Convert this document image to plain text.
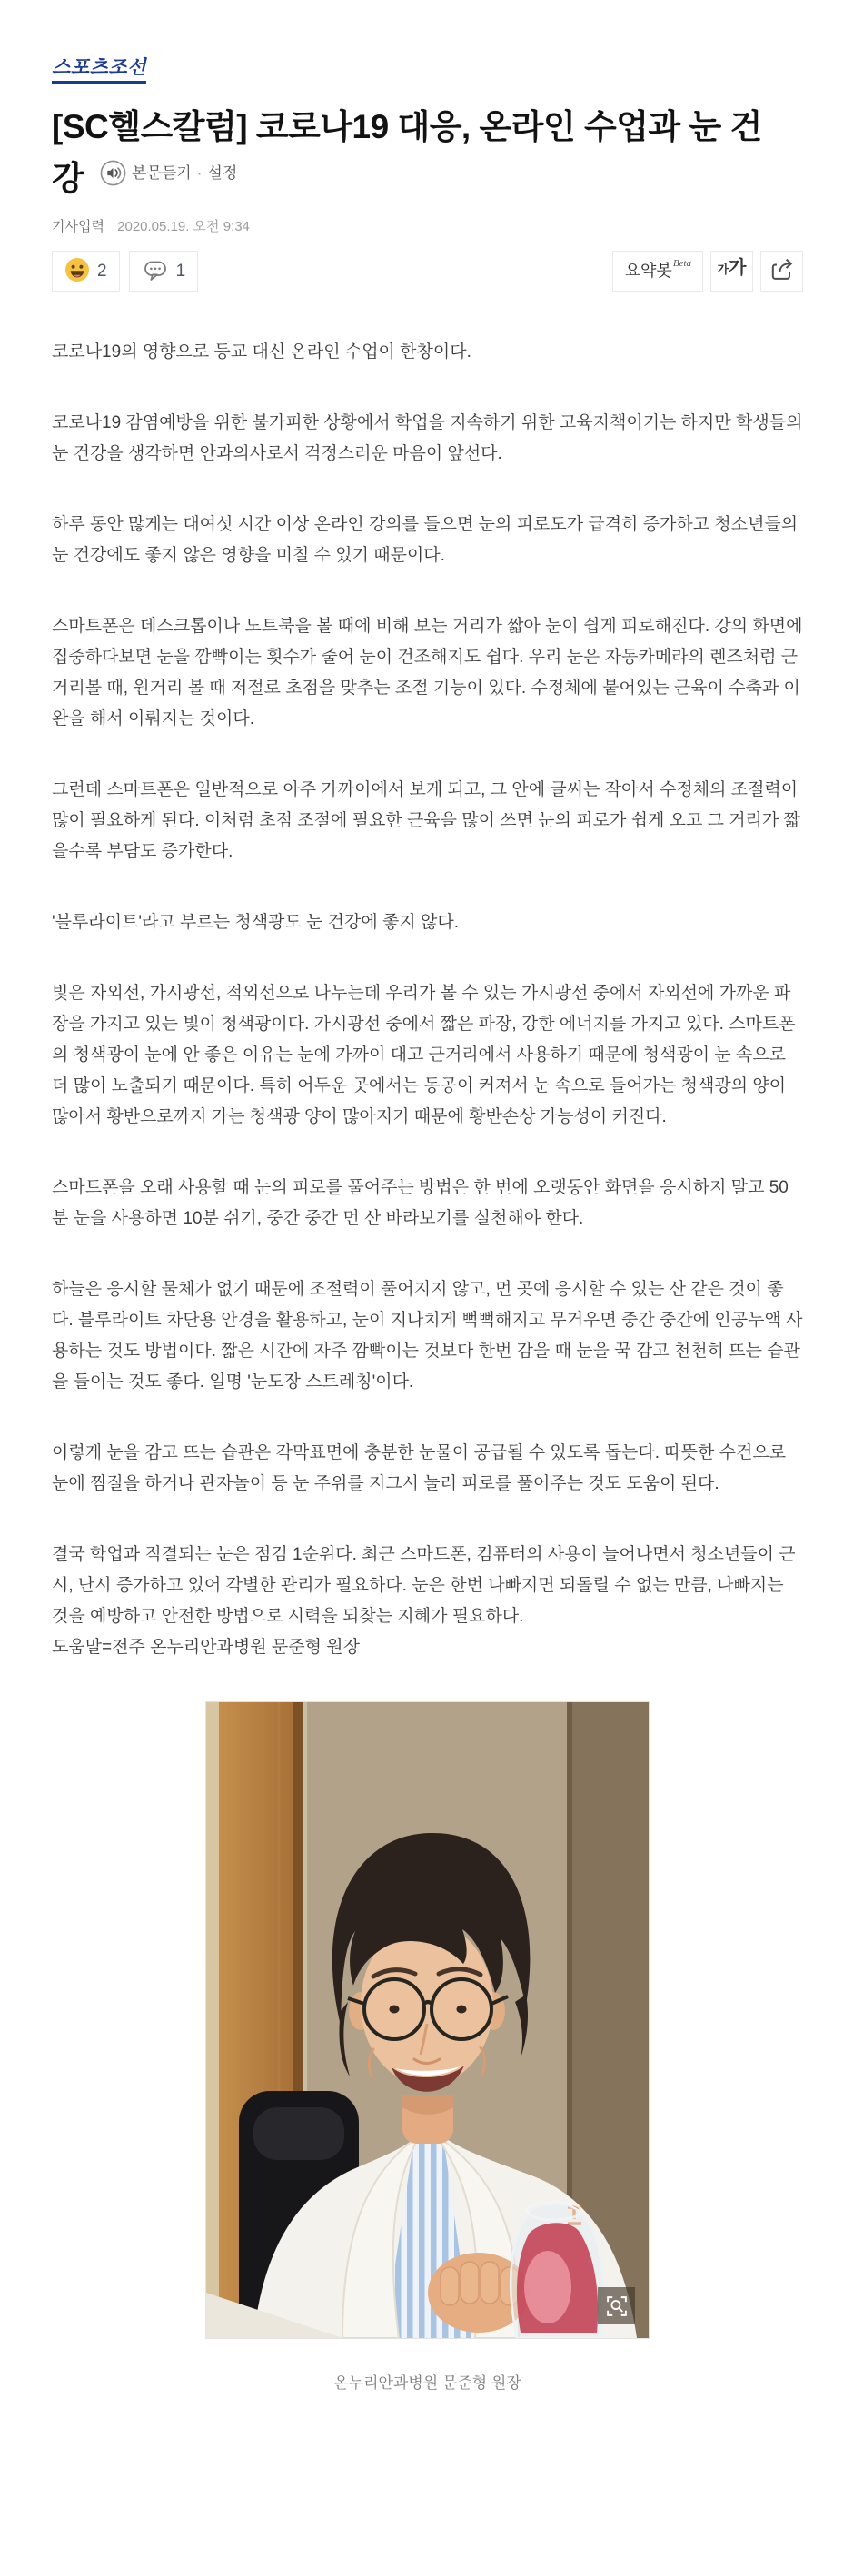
스포츠조선
[SC헬스칼럼] 코로나19 대응, 온라인 수업과 눈 건강	본문듣기 · 설정
기사입력 2020.05.19. 오전 9:34
2	1	요약봇 Beta 가 가

코로나19의 영향으로 등교 대신 온라인 수업이 한창이다.

코로나19 감염예방을 위한 불가피한 상황에서 학업을 지속하기 위한 고육지책이기는 하지만 학생들의 눈 건강을 생각하면 안과의사로서 걱정스러운 마음이 앞선다.

하루 동안 많게는 대여섯 시간 이상 온라인 강의를 들으면 눈의 피로도가 급격히 증가하고 청소년들의 눈 건강에도 좋지 않은 영향을 미칠 수 있기 때문이다.

스마트폰은 데스크톱이나 노트북을 볼 때에 비해 보는 거리가 짧아 눈이 쉽게 피로해진다. 강의 화면에 집중하다보면 눈을 깜빡이는 횟수가 줄어 눈이 건조해지도 쉽다. 우리 눈은 자동카메라의 렌즈처럼 근거리볼 때, 원거리 볼 때 저절로 초점을 맞추는 조절 기능이 있다. 수정체에 붙어있는 근육이 수축과 이완을 해서 이뤄지는 것이다.

그런데 스마트폰은 일반적으로 아주 가까이에서 보게 되고, 그 안에 글씨는 작아서 수정체의 조절력이 많이 필요하게 된다. 이처럼 초점 조절에 필요한 근육을 많이 쓰면 눈의 피로가 쉽게 오고 그 거리가 짧을수록 부담도 증가한다.

'블루라이트'라고 부르는 청색광도 눈 건강에 좋지 않다.

빛은 자외선, 가시광선, 적외선으로 나누는데 우리가 볼 수 있는 가시광선 중에서 자외선에 가까운 파장을 가지고 있는 빛이 청색광이다. 가시광선 중에서 짧은 파장, 강한 에너지를 가지고 있다. 스마트폰의 청색광이 눈에 안 좋은 이유는 눈에 가까이 대고 근거리에서 사용하기 때문에 청색광이 눈 속으로 더 많이 노출되기 때문이다. 특히 어두운 곳에서는 동공이 커져서 눈 속으로 들어가는 청색광의 양이 많아서 황반으로까지 가는 청색광 양이 많아지기 때문에 황반손상 가능성이 커진다.

스마트폰을 오래 사용할 때 눈의 피로를 풀어주는 방법은 한 번에 오랫동안 화면을 응시하지 말고 50분 눈을 사용하면 10분 쉬기, 중간 중간 먼 산 바라보기를 실천해야 한다.

하늘은 응시할 물체가 없기 때문에 조절력이 풀어지지 않고, 먼 곳에 응시할 수 있는 산 같은 것이 좋다. 블루라이트 차단용 안경을 활용하고, 눈이 지나치게 뻑뻑해지고 무거우면 중간 중간에 인공누액 사용하는 것도 방법이다. 짧은 시간에 자주 깜빡이는 것보다 한번 감을 때 눈을 꾹 감고 천천히 뜨는 습관을 들이는 것도 좋다. 일명 '눈도장 스트레칭'이다.

이렇게 눈을 감고 뜨는 습관은 각막표면에 충분한 눈물이 공급될 수 있도록 돕는다. 따뜻한 수건으로 눈에 찜질을 하거나 관자놀이 등 눈 주위를 지그시 눌러 피로를 풀어주는 것도 도움이 된다.

결국 학업과 직결되는 눈은 점검 1순위다. 최근 스마트폰, 컴퓨터의 사용이 늘어나면서 청소년들이 근시, 난시 증가하고 있어 각별한 관리가 필요하다. 눈은 한번 나빠지면 되돌릴 수 없는 만큼, 나빠지는 것을 예방하고 안전한 방법으로 시력을 되찾는 지혜가 필요하다.

도움말=전주 온누리안과병원 문준형 원장
온누리안과병원 문준형 원장
